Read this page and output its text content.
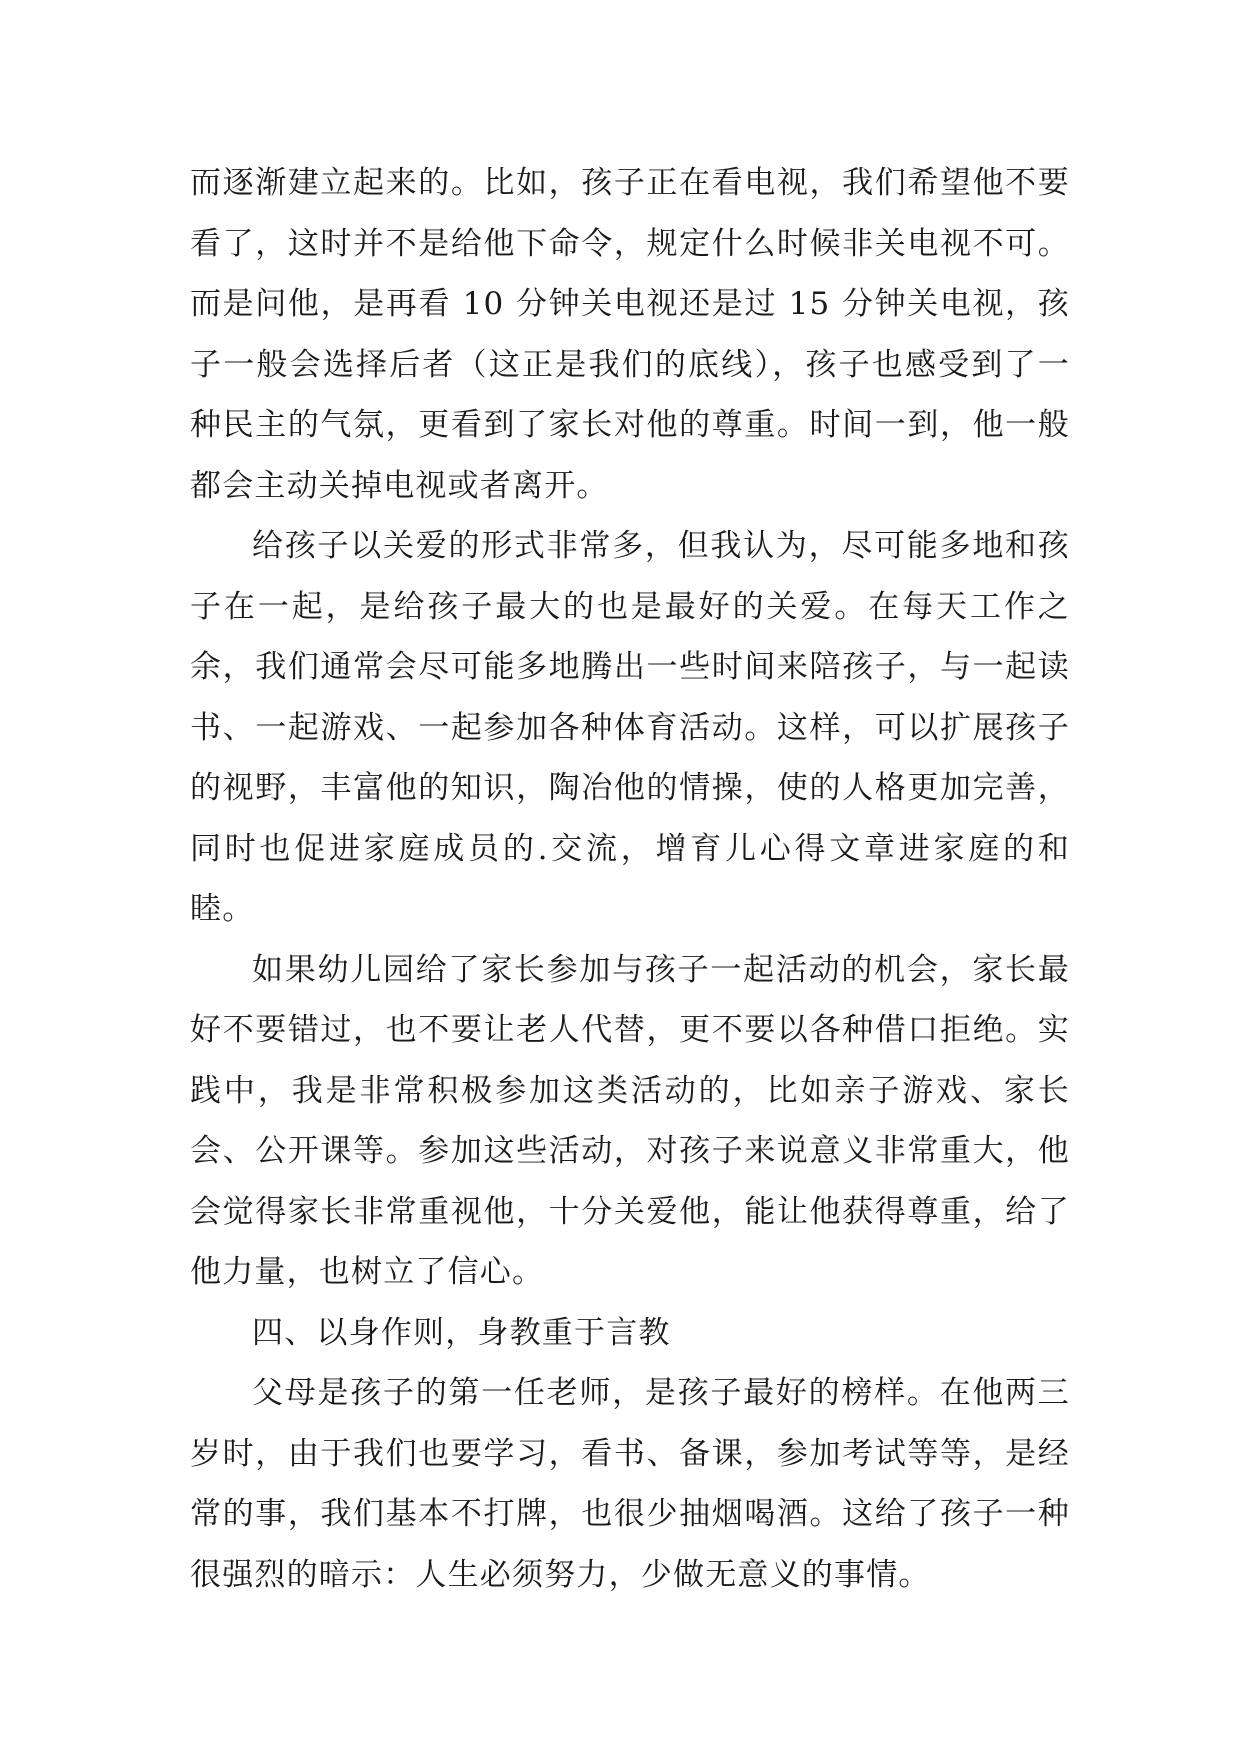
而逐渐建立起来的。比如，孩子正在看电视，我们希望他不要看了，这时并不是给他下命令，规定什么时候非关电视不可。而是问他，是再看 10 分钟关电视还是过 15 分钟关电视，孩子一般会选择后者（这正是我们的底线），孩子也感受到了一种民主的气氛，更看到了家长对他的尊重。时间一到，他一般都会主动关掉电视或者离开。

给孩子以关爱的形式非常多，但我认为，尽可能多地和孩子在一起，是给孩子最大的也是最好的关爱。在每天工作之余，我们通常会尽可能多地腾出一些时间来陪孩子，与一起读书、一起游戏、一起参加各种体育活动。这样，可以扩展孩子的视野，丰富他的知识，陶冶他的情操，使的人格更加完善，同时也促进家庭成员的.交流，增育儿心得文章进家庭的和睦。

如果幼儿园给了家长参加与孩子一起活动的机会，家长最好不要错过，也不要让老人代替，更不要以各种借口拒绝。实践中，我是非常积极参加这类活动的，比如亲子游戏、家长会、公开课等。参加这些活动，对孩子来说意义非常重大，他会觉得家长非常重视他，十分关爱他，能让他获得尊重，给了他力量，也树立了信心。

四、以身作则，身教重于言教

父母是孩子的第一任老师，是孩子最好的榜样。在他两三岁时，由于我们也要学习，看书、备课，参加考试等等，是经常的事，我们基本不打牌，也很少抽烟喝酒。这给了孩子一种很强烈的暗示：人生必须努力，少做无意义的事情。
